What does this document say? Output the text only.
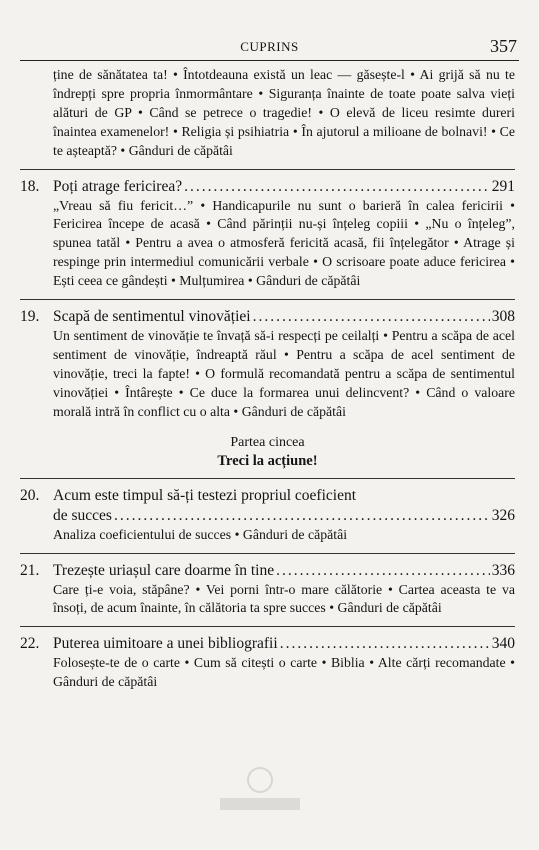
CUPRINS	357
ține de sănătatea ta! • Întotdeauna există un leac — găsește-l • Ai grijă să nu te îndrepți spre propria înmormântare • Siguranța înainte de toate poate salva vieți alături de GP • Când se petrece o tragedie! • O elevă de liceu resimte dureri înaintea examenelor! • Religia și psihiatria • În ajutorul a milioane de bolnavi! • Ce te așteaptă? • Gânduri de căpătâi
18. Poți atrage fericirea? .....	291
„Vreau să fiu fericit…” • Handicapurile nu sunt o barieră în calea fericirii • Fericirea începe de acasă • Când părinții nu-și înțeleg copiii • „Nu o înțeleg”, spunea tatăl • Pentru a avea o atmosferă fericită acasă, fii înțelegător • Atrage și respinge prin intermediul comunicării verbale • O scrisoare poate aduce fericirea • Ești ceea ce gândești • Mulțumirea • Gânduri de căpătâi
19. Scapă de sentimentul vinovăției .....	308
Un sentiment de vinovăție te învață să-i respecți pe ceilalți • Pentru a scăpa de acel sentiment de vinovăție, îndreaptă răul • Pentru a scăpa de acel sentiment de vinovăție, treci la fapte! • O formulă recomandată pentru a scăpa de sentimentul vinovăției • Întârește • Ce duce la formarea unui delincvent? • Când o valoare morală intră în conflict cu o alta • Gânduri de căpătâi
Partea cincea
Treci la acțiune!
20. Acum este timpul să-ți testezi propriul coeficient
de succes .....	326
Analiza coeficientului de succes • Gânduri de căpătâi
21. Trezește uriașul care doarme în tine .....	336
Care ți-e voia, stăpâne? • Vei porni într-o mare călătorie • Cartea aceasta te va însoți, de acum înainte, în călătoria ta spre succes • Gânduri de căpătâi
22. Puterea uimitoare a unei bibliografii .....	340
Folosește-te de o carte • Cum să citești o carte • Biblia • Alte cărți recomandate • Gânduri de căpătâi
